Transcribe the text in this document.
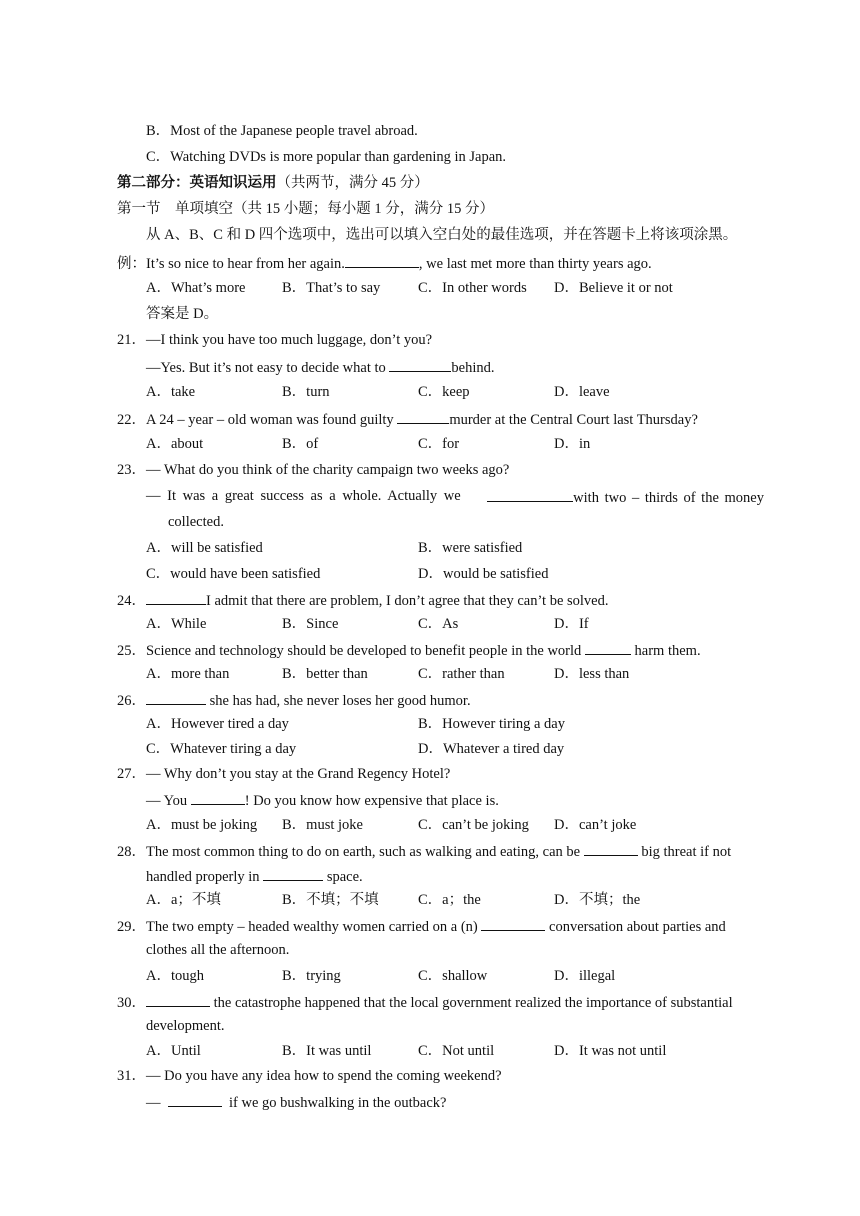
B．Most of the Japanese people travel abroad.
C．Watching DVDs is more popular than gardening in Japan.
第二部分：英语知识运用（共两节，满分 45 分）
第一节　单项填空（共 15 小题；每小题 1 分，满分 15 分）
从 A、B、C 和 D 四个选项中，选出可以填入空白处的最佳选项，并在答题卡上将该项涂黑。
例：It’s so nice to hear from her again.	, we last met more than thirty years ago.
A．What’s more	B．That’s to say	C．In other words D．Believe it or not
答案是 D。
21．—I think you have too much luggage, don’t you?
—Yes. But it’s not easy to decide what to	behind.
A．take	B．turn	C．keep	D．leave
22．A 24 – year – old woman was found guilty	murder at the Central Court last Thursday?
A．about	B．of	C．for	D．in
23．— What do you think of the charity campaign two weeks ago?
— It was a great success as a whole. Actually we	with two – thirds of the money
collected.
A．will be satisfied	B．were satisfied
C．would have been satisfied	D．would be satisfied
24．	I admit that there are problem, I don’t agree that they can’t be solved.
A．While	B．Since	C．As	D．If
25．Science and technology should be developed to benefit people in the world	harm them.
A．more than	B．better than	C．rather than	D．less than
26．	she has had, she never loses her good humor.
A．However tired a day	B．However tiring a day
C．Whatever tiring a day	D．Whatever a tired day
27．— Why don’t you stay at the Grand Regency Hotel?
— You	! Do you know how expensive that place is.
A．must be joking B．must joke	C．can’t be joking D．can’t joke
28．The most common thing to do on earth, such as walking and eating, can be	big threat if not
handled properly in	space.
A．a；不填	B．不填；不填	C．a；the	D．不填；the
29．The two empty – headed wealthy women carried on a (n)	conversation about parties and
clothes all the afternoon.
A．tough	B．trying	C．shallow	D．illegal
30．	the catastrophe happened that the local government realized the importance of substantial
development.
A．Until	B．It was until	C．Not until	D．It was not until
31．— Do you have any idea how to spend the coming weekend?
—	if we go bushwalking in the outback?
